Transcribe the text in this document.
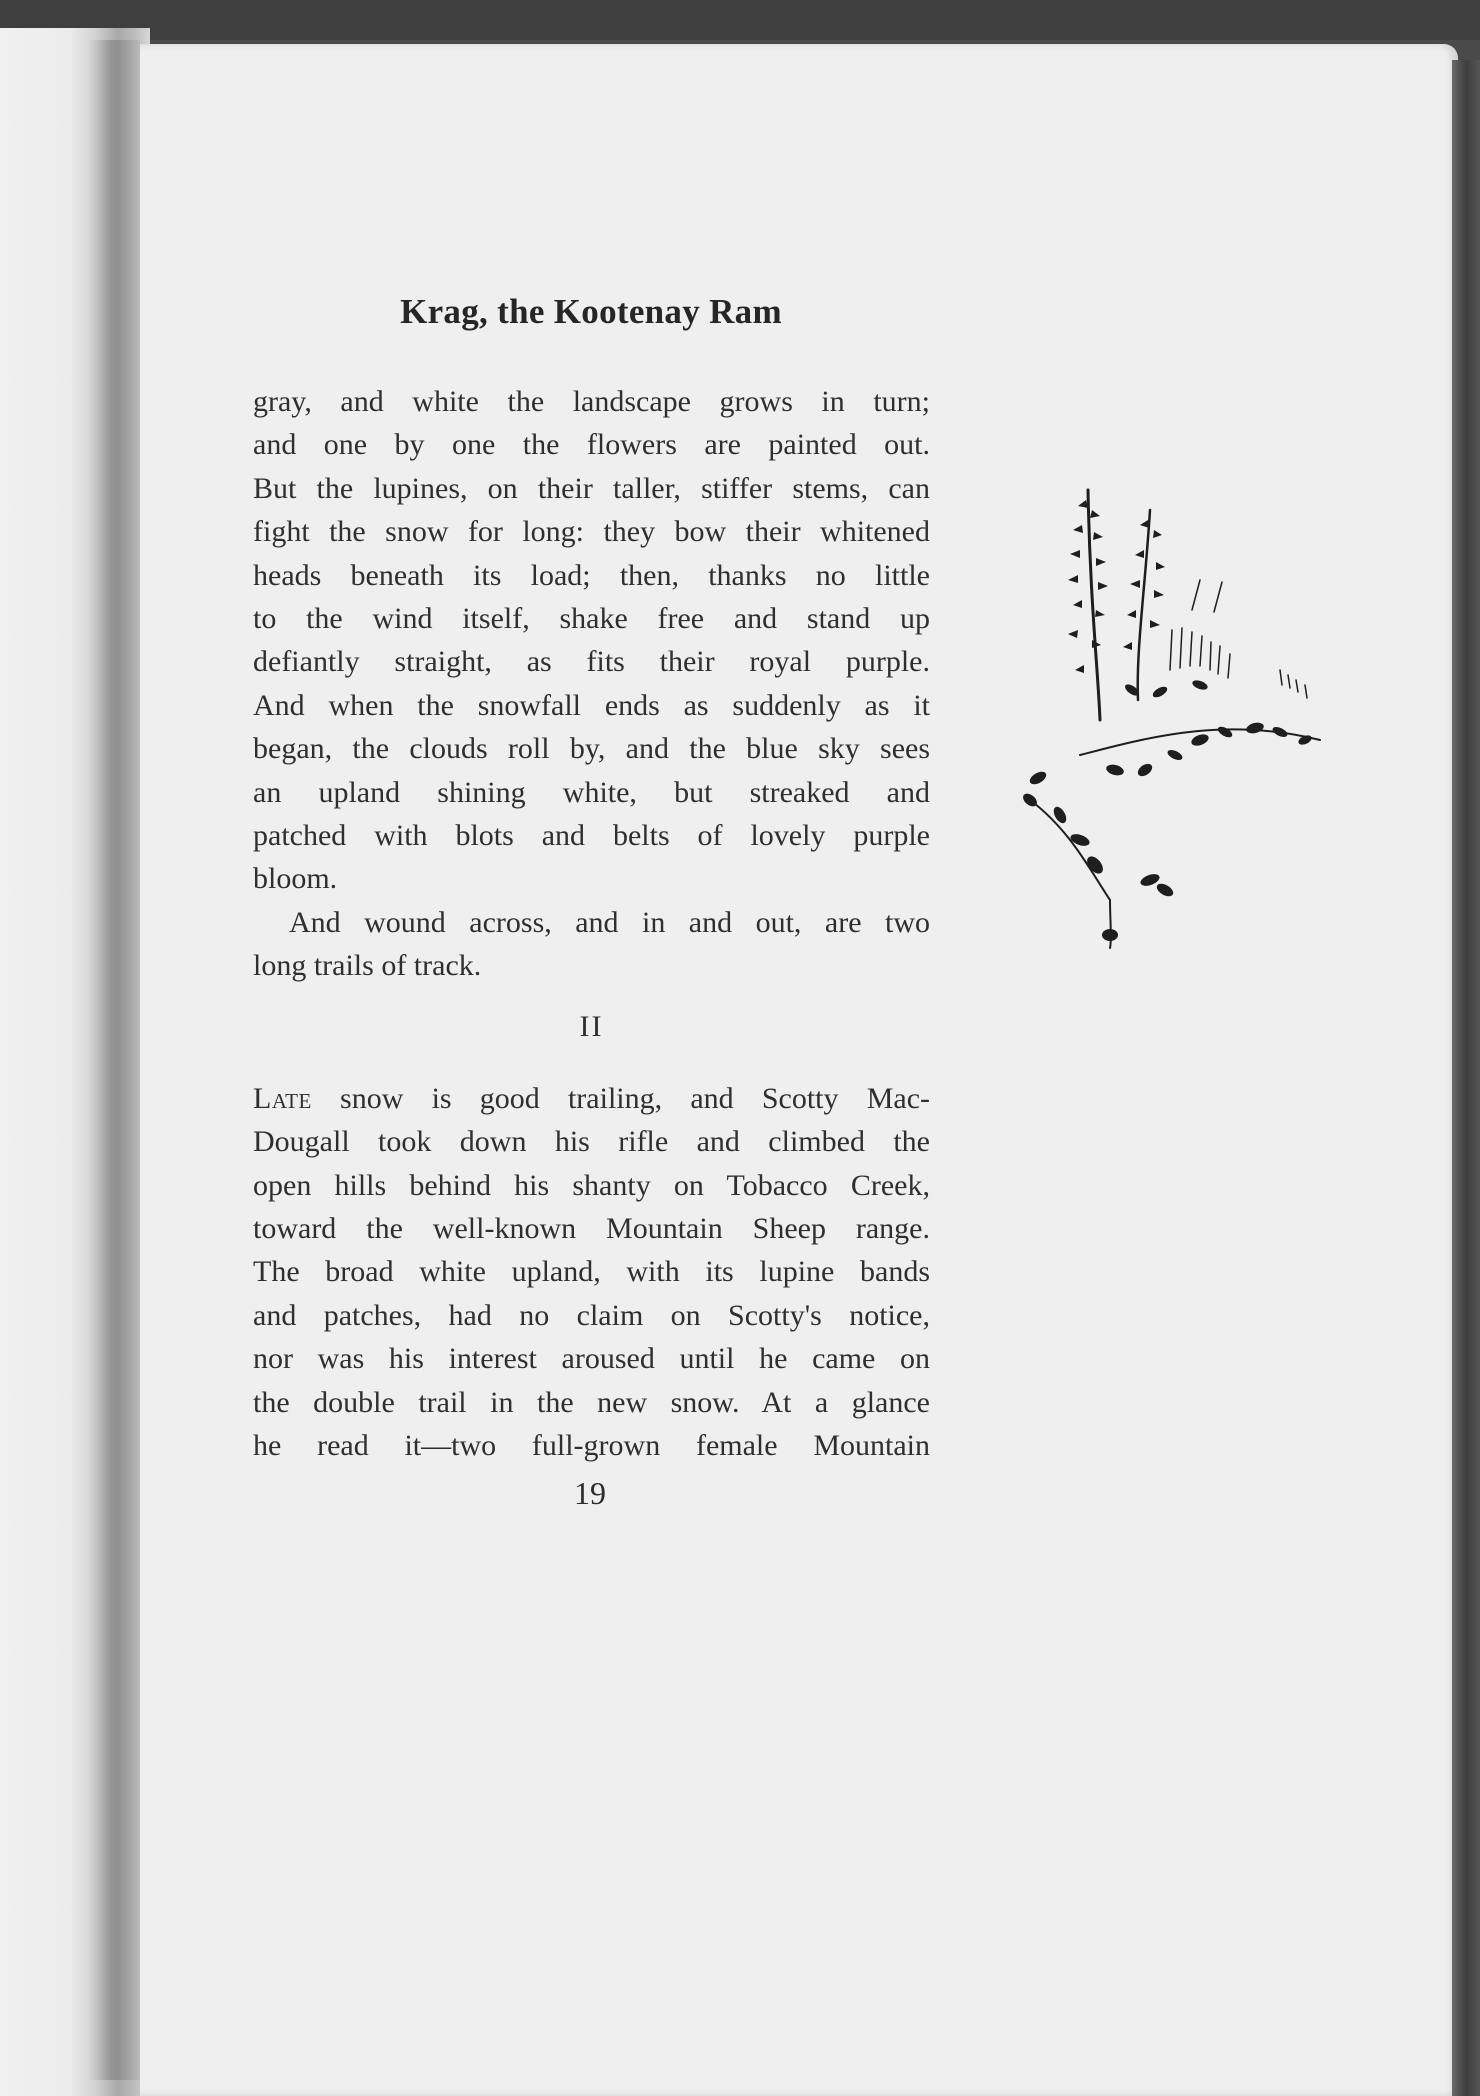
Krag, the Kootenay Ram
gray, and white the landscape grows in turn;
and one by one the flowers are painted out.
But the lupines, on their taller, stiffer stems, can
fight the snow for long: they bow their whitened
heads beneath its load; then, thanks no little
to the wind itself, shake free and stand up
defiantly straight, as fits their royal purple.
And when the snowfall ends as suddenly as it
began, the clouds roll by, and the blue sky sees
an upland shining white, but streaked and
patched with blots and belts of lovely purple
bloom.
And wound across, and in and out, are two
long trails of track.
II
Late snow is good trailing, and Scotty Mac-
Dougall took down his rifle and climbed the
open hills behind his shanty on Tobacco Creek,
toward the well-known Mountain Sheep range.
The broad white upland, with its lupine bands
and patches, had no claim on Scotty's notice,
nor was his interest aroused until he came on
the double trail in the new snow. At a glance
he read it—two full-grown female Mountain
19
